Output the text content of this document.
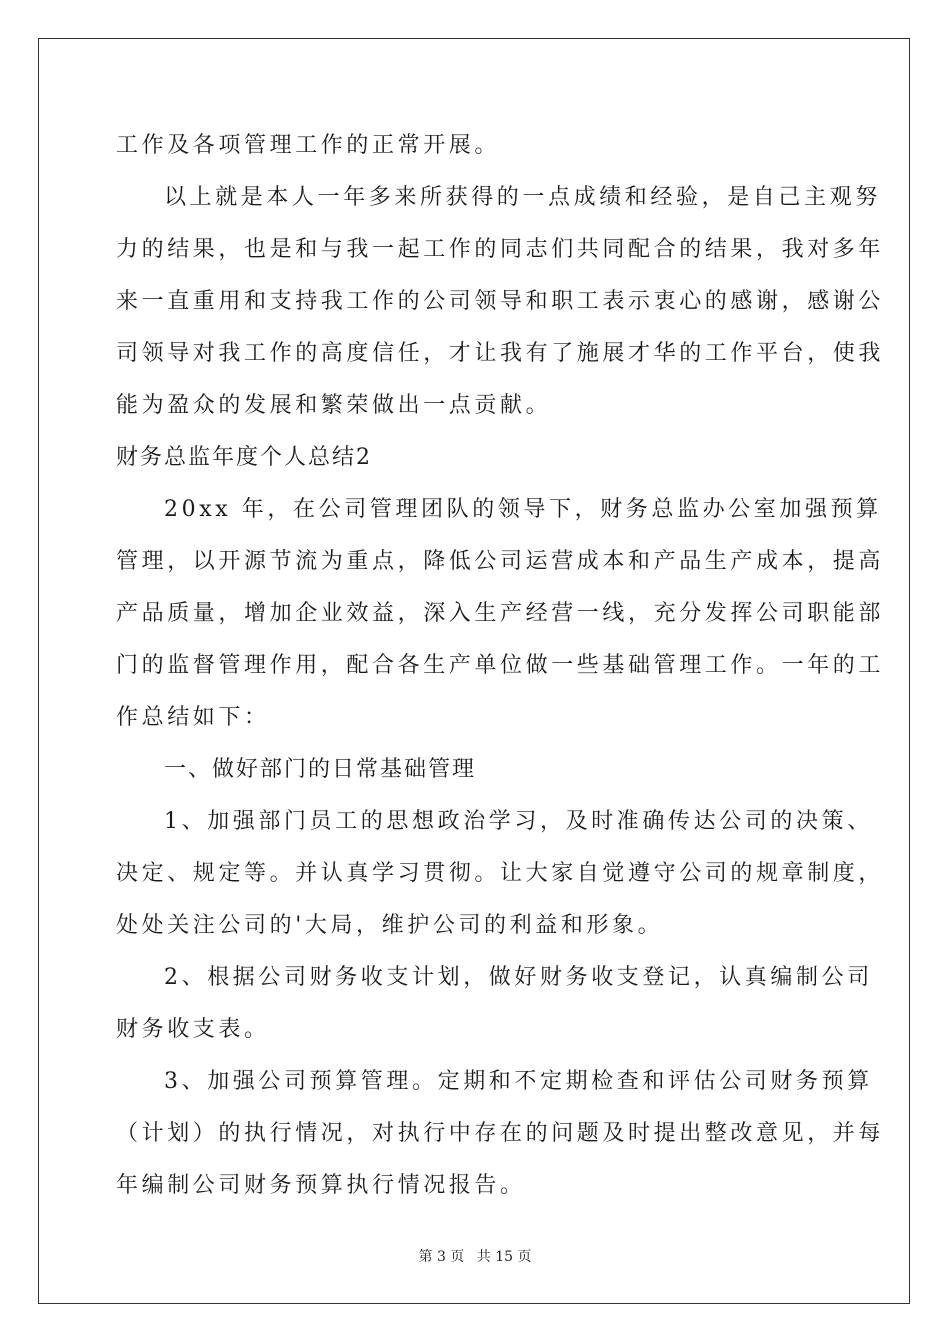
工作及各项管理工作的正常开展。
以上就是本人一年多来所获得的一点成绩和经验，是自己主观努
力的结果，也是和与我一起工作的同志们共同配合的结果，我对多年
来一直重用和支持我工作的公司领导和职工表示衷心的感谢，感谢公
司领导对我工作的高度信任，才让我有了施展才华的工作平台，使我
能为盈众的发展和繁荣做出一点贡献。
财务总监年度个人总结2
20xx 年，在公司管理团队的领导下，财务总监办公室加强预算
管理，以开源节流为重点，降低公司运营成本和产品生产成本，提高
产品质量，增加企业效益，深入生产经营一线，充分发挥公司职能部
门的监督管理作用，配合各生产单位做一些基础管理工作。一年的工
作总结如下：
一、做好部门的日常基础管理
1、加强部门员工的思想政治学习，及时准确传达公司的决策、
决定、规定等。并认真学习贯彻。让大家自觉遵守公司的规章制度，
处处关注公司的'大局，维护公司的利益和形象。
2、根据公司财务收支计划，做好财务收支登记，认真编制公司
财务收支表。
3、加强公司预算管理。定期和不定期检查和评估公司财务预算
（计划）的执行情况，对执行中存在的问题及时提出整改意见，并每
年编制公司财务预算执行情况报告。
第 3 页 共 15 页
